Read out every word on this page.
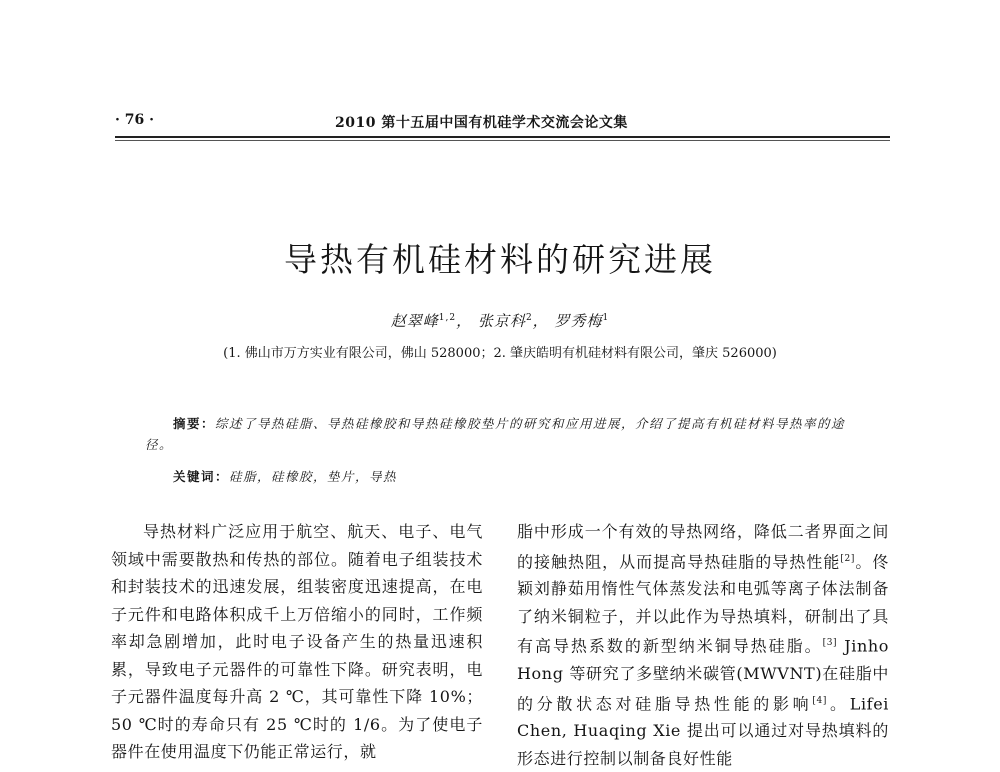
· 76 ·	2010 第十五届中国有机硅学术交流会论文集
导热有机硅材料的研究进展
赵翠峰$^{1,2}$， 张京科$^2$， 罗秀梅$^1$
(1. 佛山市万方实业有限公司，佛山 528000；2. 肇庆皓明有机硅材料有限公司，肇庆 526000)

摘要：综述了导热硅脂、导热硅橡胶和导热硅橡胶垫片的研究和应用进展，介绍了提高有机硅材料导热率的途径。

关键词：硅脂，硅橡胶，垫片，导热

导热材料广泛应用于航空、航天、电子、电气领域中需要散热和传热的部位。随着电子组装技术和封装技术的迅速发展，组装密度迅速提高，在电子元件和电路体积成千上万倍缩小的同时，工作频率却急剧增加，此时电子设备产生的热量迅速积累，导致电子元器件的可靠性下降。研究表明，电子元器件温度每升高 2 ℃，其可靠性下降 10%；50 ℃时的寿命只有 25 ℃时的 1/6。为了使电子器件在使用温度下仍能正常运行，就

脂中形成一个有效的导热网络，降低二者界面之间的接触热阻，从而提高导热硅脂的导热性能[2]。佟颖刘静茹用惰性气体蒸发法和电弧等离子体法制备了纳米铜粒子，并以此作为导热填料，研制出了具有高导热系数的新型纳米铜导热硅脂。[3] Jinho Hong 等研究了多壁纳米碳管(MWVNT)在硅脂中的分散状态对硅脂导热性能的影响[4]。Lifei Chen, Huaqing Xie 提出可以通过对导热填料的形态进行控制以制备良好性能
